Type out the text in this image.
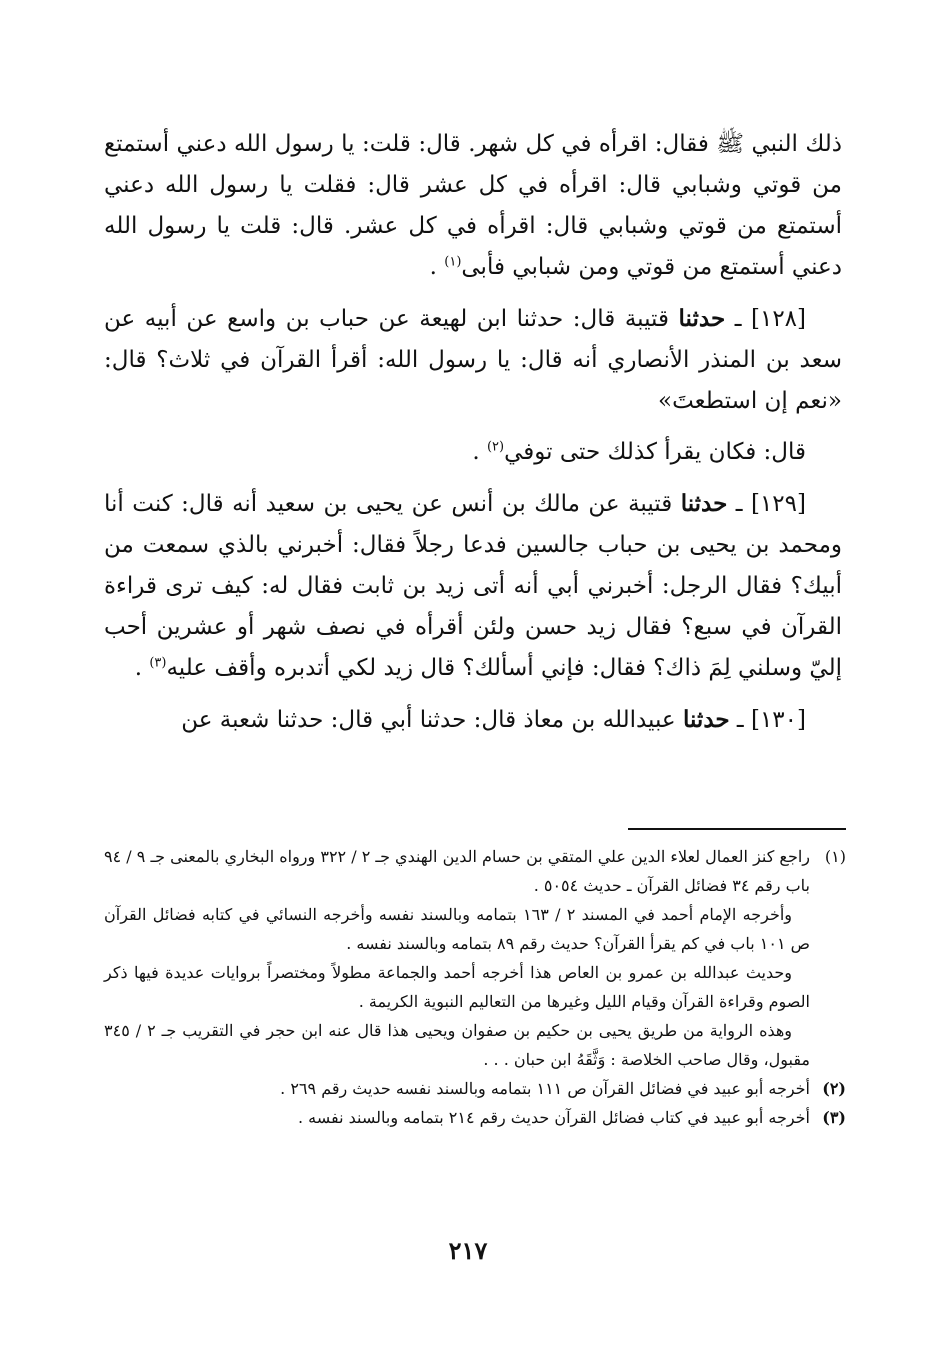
ذلك النبي ﷺ فقال: اقرأه في كل شهر. قال: قلت: يا رسول الله دعني أستمتع من قوتي وشبابي قال: اقرأه في كل عشر قال: فقلت يا رسول الله دعني أستمتع من قوتي وشبابي قال: اقرأه في كل عشر. قال: قلت يا رسول الله دعني أستمتع من قوتي ومن شبابي فأبى$^{(١)}$ .

[١٢٨] ـ حدثنا قتيبة قال: حدثنا ابن لهيعة عن حباب بن واسع عن أبيه عن سعد بن المنذر الأنصاري أنه قال: يا رسول الله: أقرأ القرآن في ثلاث؟ قال: «نعم إن استطعتَ»

قال: فكان يقرأ كذلك حتى توفي$^{(٢)}$ .

[١٢٩] ـ حدثنا قتيبة عن مالك بن أنس عن يحيى بن سعيد أنه قال: كنت أنا ومحمد بن يحيى بن حباب جالسين فدعا رجلاً فقال: أخبرني بالذي سمعت من أبيك؟ فقال الرجل: أخبرني أبي أنه أتى زيد بن ثابت فقال له: كيف ترى قراءة القرآن في سبع؟ فقال زيد حسن ولئن أقرأه في نصف شهر أو عشرين أحب إليّ وسلني لِمَ ذاك؟ فقال: فإني أسألك؟ قال زيد لكي أتدبره وأقف عليه$^{(٣)}$ .

[١٣٠] ـ حدثنا عبيدالله بن معاذ قال: حدثنا أبي قال: حدثنا شعبة عن

(١)
راجع كنز العمال لعلاء الدين علي المتقي بن حسام الدين الهندي جـ ٢ / ٣٢٢ ورواه البخاري بالمعنى جـ ٩ / ٩٤ باب رقم ٣٤ فضائل القرآن ـ حديث ٥٠٥٤ .

وأخرجه الإمام أحمد في المسند ٢ / ١٦٣ بتمامه وبالسند نفسه وأخرجه النسائي في كتابه فضائل القرآن ص ١٠١ باب في كم يقرأ القرآن؟ حديث رقم ٨٩ بتمامه وبالسند نفسه .

وحديث عبدالله بن عمرو بن العاص هذا أخرجه أحمد والجماعة مطولاً ومختصراً بروايات عديدة فيها ذكر الصوم وقراءة القرآن وقيام الليل وغيرها من التعاليم النبوية الكريمة .

وهذه الرواية من طريق يحيى بن حكيم بن صفوان ويحيى هذا قال عنه ابن حجر في التقريب جـ ٢ / ٣٤٥ مقبول، وقال صاحب الخلاصة : وَثَّقَهُ ابن حبان . . .

(٢)
أخرجه أبو عبيد في فضائل القرآن ص ١١١ بتمامه وبالسند نفسه حديث رقم ٢٦٩ .
(٣)
أخرجه أبو عبيد في كتاب فضائل القرآن حديث رقم ٢١٤ بتمامه وبالسند نفسه .
٢١٧
